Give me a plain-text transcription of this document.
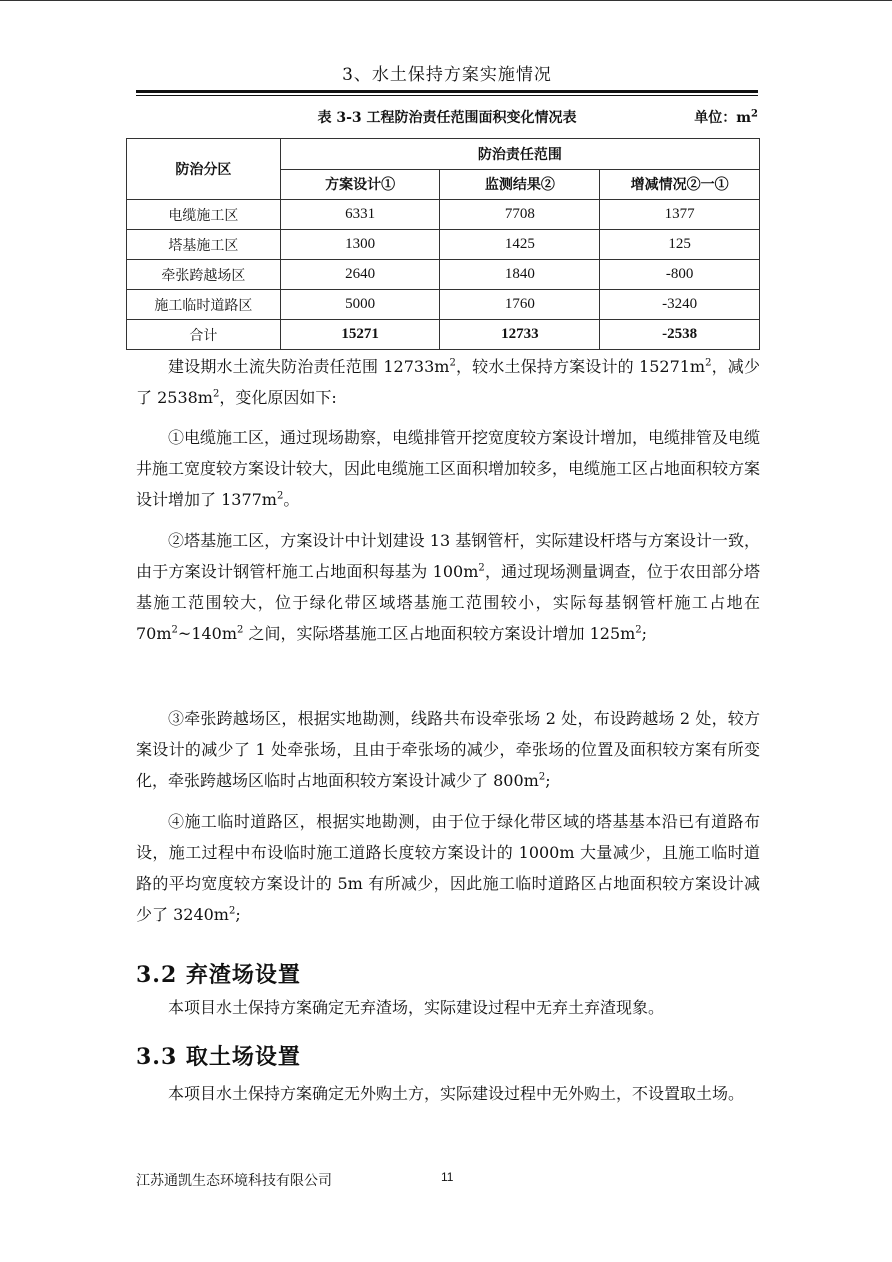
3、水土保持方案实施情况
表 3-3 工程防治责任范围面积变化情况表	单位：$m^2$
防治分区	防治责任范围		
	方案设计①	监测结果②	增减情况②一①
电缆施工区	6331	7708	1377
塔基施工区	1300	1425	125
牵张跨越场区	2640	1840	-800
施工临时道路区	5000	1760	-3240
合计	15271	12733	-2538

建设期水土流失防治责任范围 $12733m^2$，较水土保持方案设计的 $15271m^2$，减少了 $2538m^2$，变化原因如下:

①电缆施工区，通过现场勘察，电缆排管开挖宽度较方案设计增加，电缆排管及电缆井施工宽度较方案设计较大，因此电缆施工区面积增加较多，电缆施工区占地面积较方案设计增加了 $1377m^2$。

②塔基施工区，方案设计中计划建设 13 基钢管杆，实际建设杆塔与方案设计一致，由于方案设计钢管杆施工占地面积每基为 $100m^2$，通过现场测量调查，位于农田部分塔基施工范围较大，位于绿化带区域塔基施工范围较小，实际每基钢管杆施工占地在 $70m^2\sim 140m^2$ 之间，实际塔基施工区占地面积较方案设计增加 $125m^2$;

③牵张跨越场区，根据实地勘测，线路共布设牵张场 2 处，布设跨越场 2 处，较方案设计的减少了 1 处牵张场，且由于牵张场的减少，牵张场的位置及面积较方案有所变化，牵张跨越场区临时占地面积较方案设计减少了 $800m^2$;

④施工临时道路区，根据实地勘测，由于位于绿化带区域的塔基基本沿已有道路布设，施工过程中布设临时施工道路长度较方案设计的 1000m 大量减少，且施工临时道路的平均宽度较方案设计的 5m 有所减少，因此施工临时道路区占地面积较方案设计减少了 $3240m^2$;

3.2 弃渣场设置

本项目水土保持方案确定无弃渣场，实际建设过程中无弃土弃渣现象。

3.3 取土场设置

本项目水土保持方案确定无外购土方，实际建设过程中无外购土，不设置取土场。

江苏通凯生态环境科技有限公司	11
